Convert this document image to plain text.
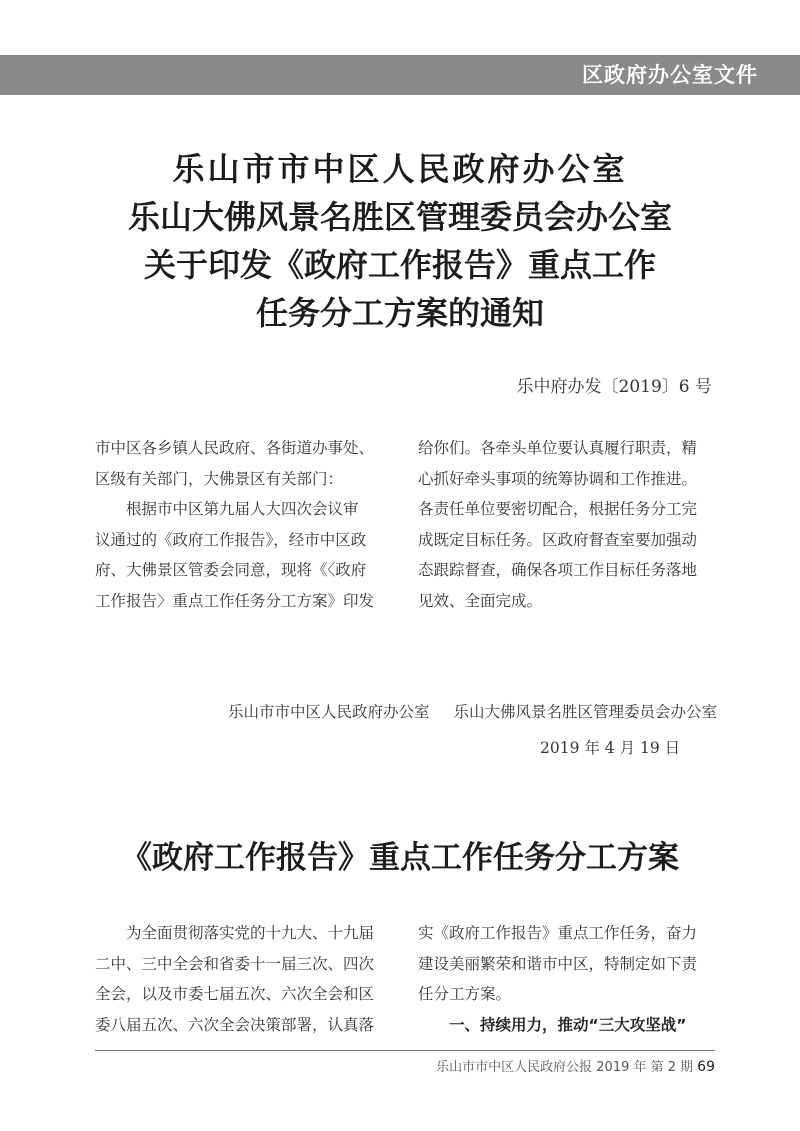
区政府办公室文件
乐山市市中区人民政府办公室
乐山大佛风景名胜区管理委员会办公室
关于印发《政府工作报告》重点工作
任务分工方案的通知
乐中府办发〔2019〕6 号

市中区各乡镇人民政府、各街道办事处、

区级有关部门，大佛景区有关部门：

　　根据市中区第九届人大四次会议审

议通过的《政府工作报告》，经市中区政

府、大佛景区管委会同意，现将《〈政府

工作报告〉重点工作任务分工方案》印发

给你们。各牵头单位要认真履行职责，精

心抓好牵头事项的统筹协调和工作推进。

各责任单位要密切配合，根据任务分工完

成既定目标任务。区政府督查室要加强动

态跟踪督查，确保各项工作目标任务落地

见效、全面完成。

乐山市市中区人民政府办公室 乐山大佛风景名胜区管理委员会办公室
2019 年 4 月 19 日
《政府工作报告》重点工作任务分工方案

　　为全面贯彻落实党的十九大、十九届

二中、三中全会和省委十一届三次、四次

全会，以及市委七届五次、六次全会和区

委八届五次、六次全会决策部署，认真落

实《政府工作报告》重点工作任务，奋力

建设美丽繁荣和谐市中区，特制定如下责

任分工方案。

　　一、持续用力，推动“三大攻坚战”

乐山市市中区人民政府公报 2019 年 第 2 期 69
